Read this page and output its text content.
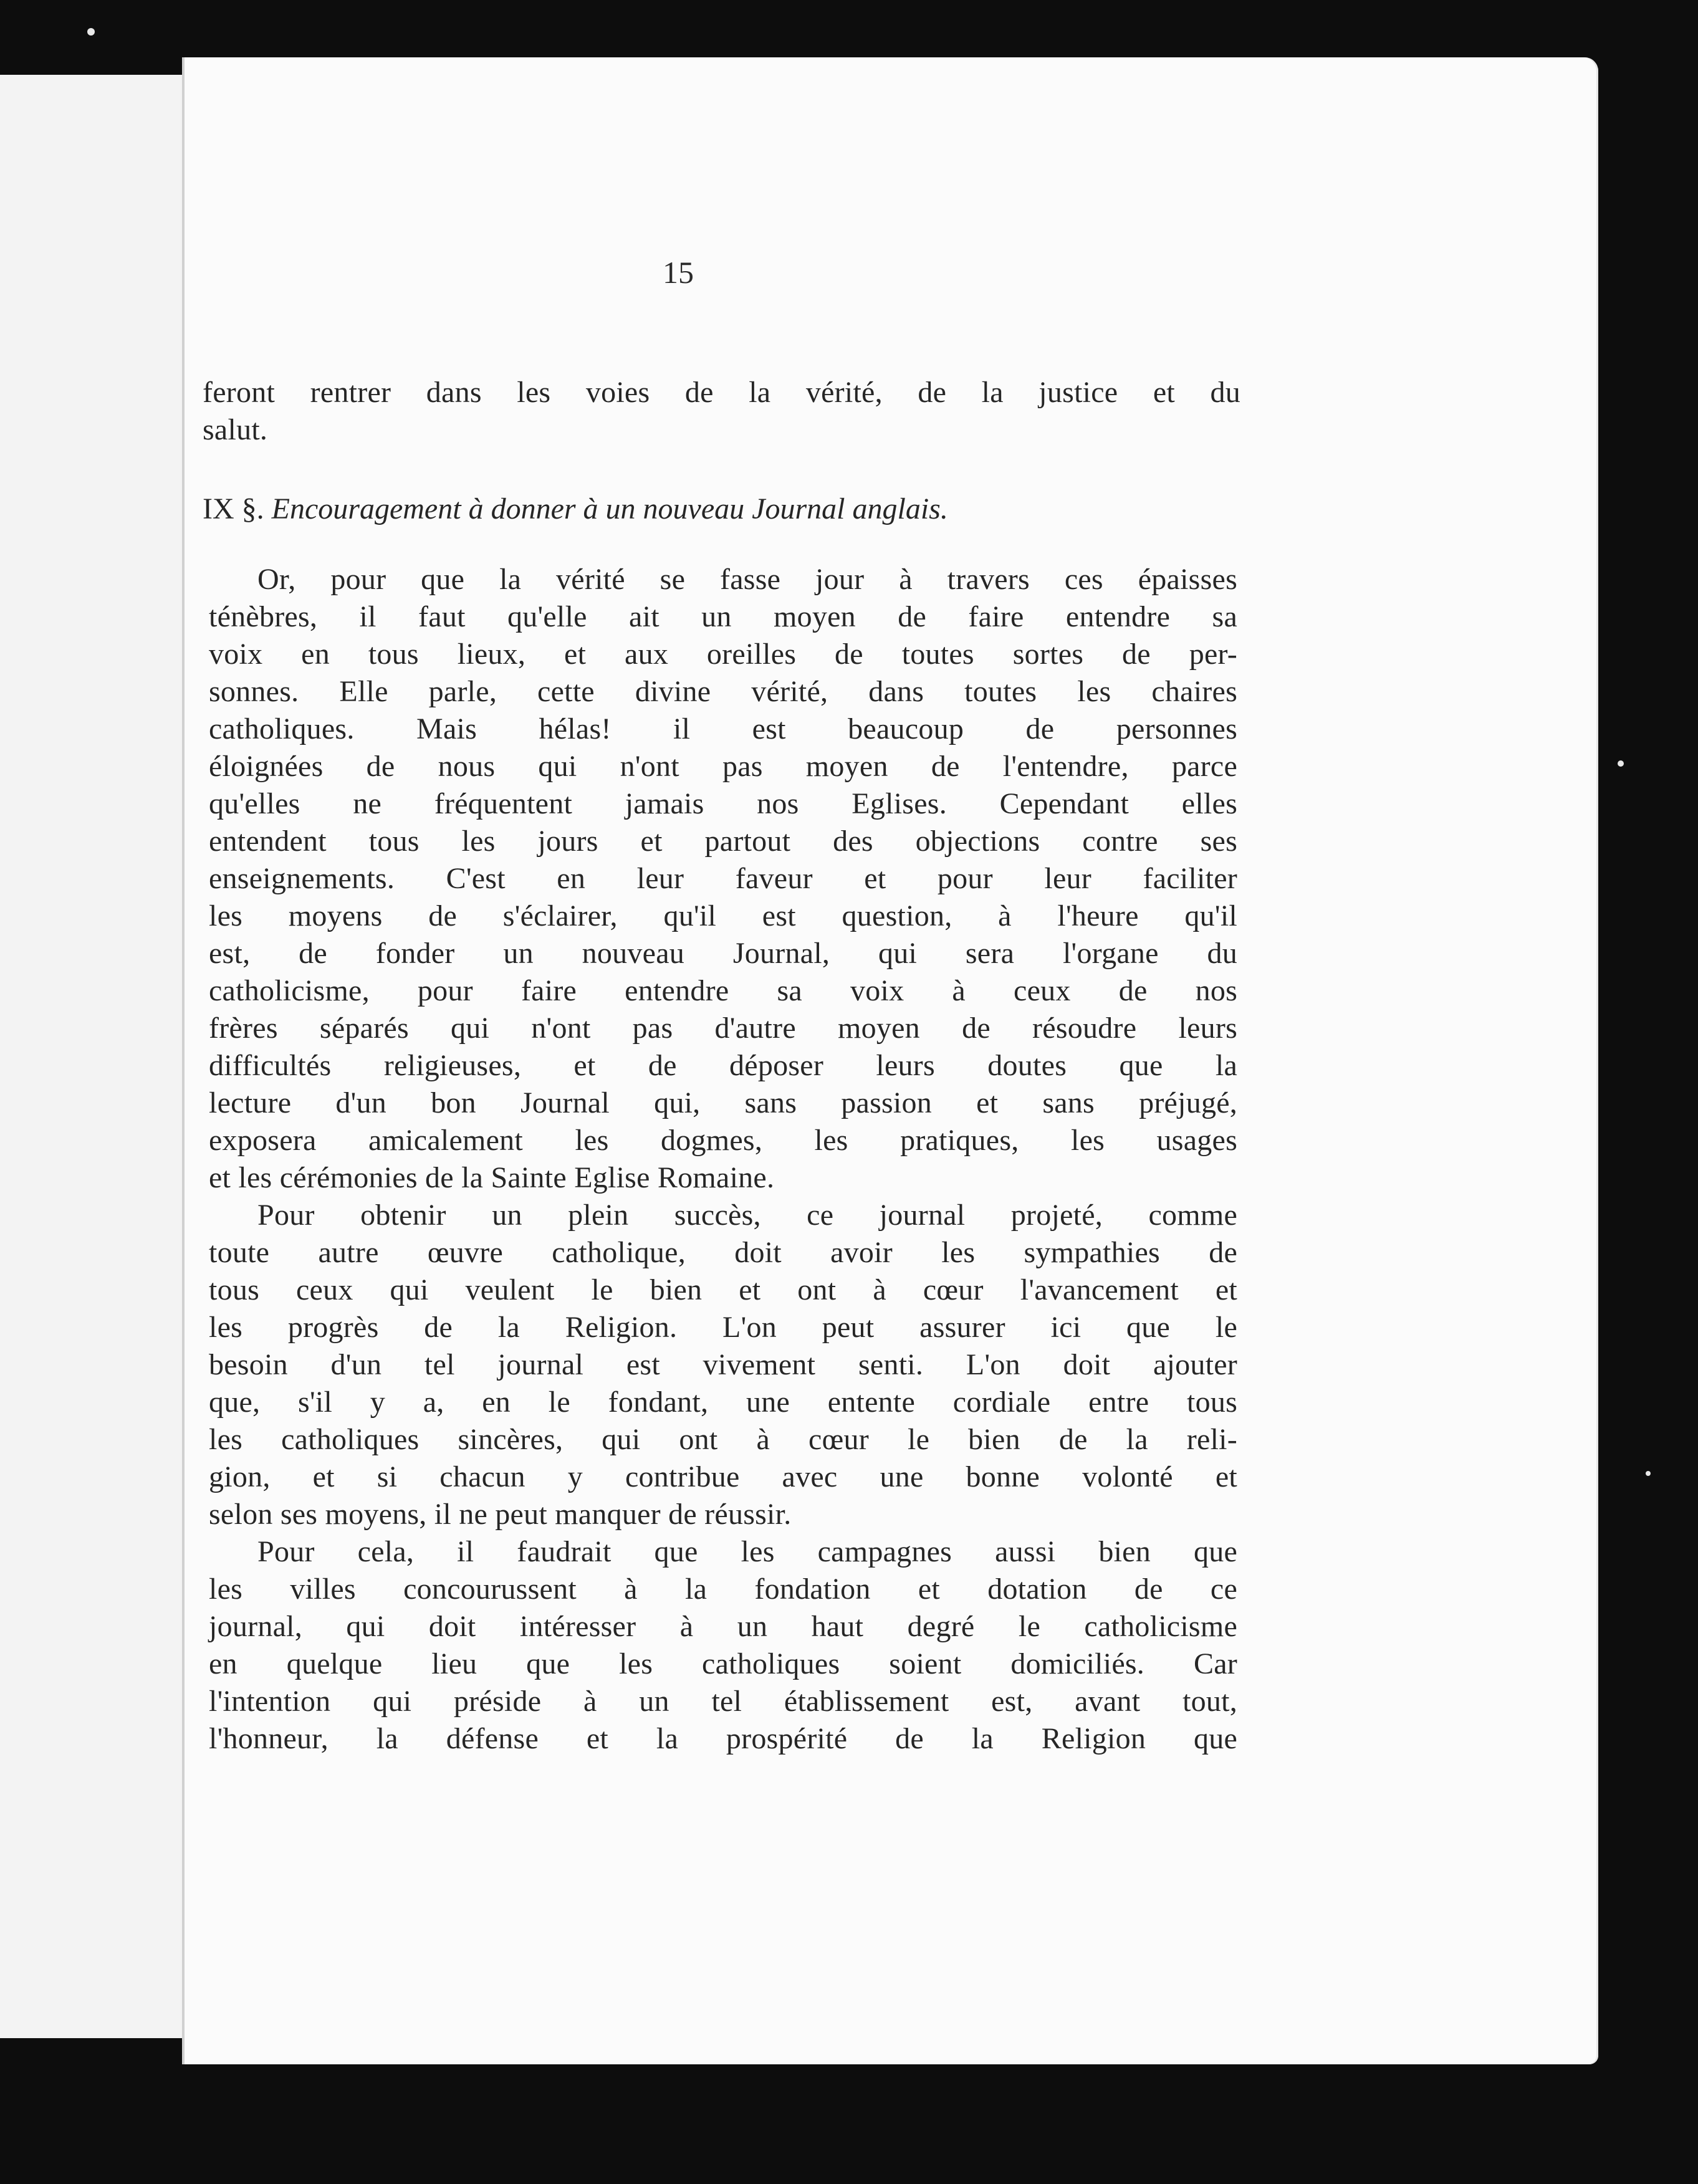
15
feront rentrer dans les voies de la vérité, de la justice et du
salut.
IX §. Encouragement à donner à un nouveau Journal anglais.
Or, pour que la vérité se fasse jour à travers ces épaisses
ténèbres, il faut qu'elle ait un moyen de faire entendre sa
voix en tous lieux, et aux oreilles de toutes sortes de per-
sonnes. Elle parle, cette divine vérité, dans toutes les chaires
catholiques. Mais hélas! il est beaucoup de personnes
éloignées de nous qui n'ont pas moyen de l'entendre, parce
qu'elles ne fréquentent jamais nos Eglises. Cependant elles
entendent tous les jours et partout des objections contre ses
enseignements. C'est en leur faveur et pour leur faciliter
les moyens de s'éclairer, qu'il est question, à l'heure qu'il
est, de fonder un nouveau Journal, qui sera l'organe du
catholicisme, pour faire entendre sa voix à ceux de nos
frères séparés qui n'ont pas d'autre moyen de résoudre leurs
difficultés religieuses, et de déposer leurs doutes que la
lecture d'un bon Journal qui, sans passion et sans préjugé,
exposera amicalement les dogmes, les pratiques, les usages
et les cérémonies de la Sainte Eglise Romaine.
Pour obtenir un plein succès, ce journal projeté, comme
toute autre œuvre catholique, doit avoir les sympathies de
tous ceux qui veulent le bien et ont à cœur l'avancement et
les progrès de la Religion. L'on peut assurer ici que le
besoin d'un tel journal est vivement senti. L'on doit ajouter
que, s'il y a, en le fondant, une entente cordiale entre tous
les catholiques sincères, qui ont à cœur le bien de la reli-
gion, et si chacun y contribue avec une bonne volonté et
selon ses moyens, il ne peut manquer de réussir.
Pour cela, il faudrait que les campagnes aussi bien que
les villes concourussent à la fondation et dotation de ce
journal, qui doit intéresser à un haut degré le catholicisme
en quelque lieu que les catholiques soient domiciliés. Car
l'intention qui préside à un tel établissement est, avant tout,
l'honneur, la défense et la prospérité de la Religion que
